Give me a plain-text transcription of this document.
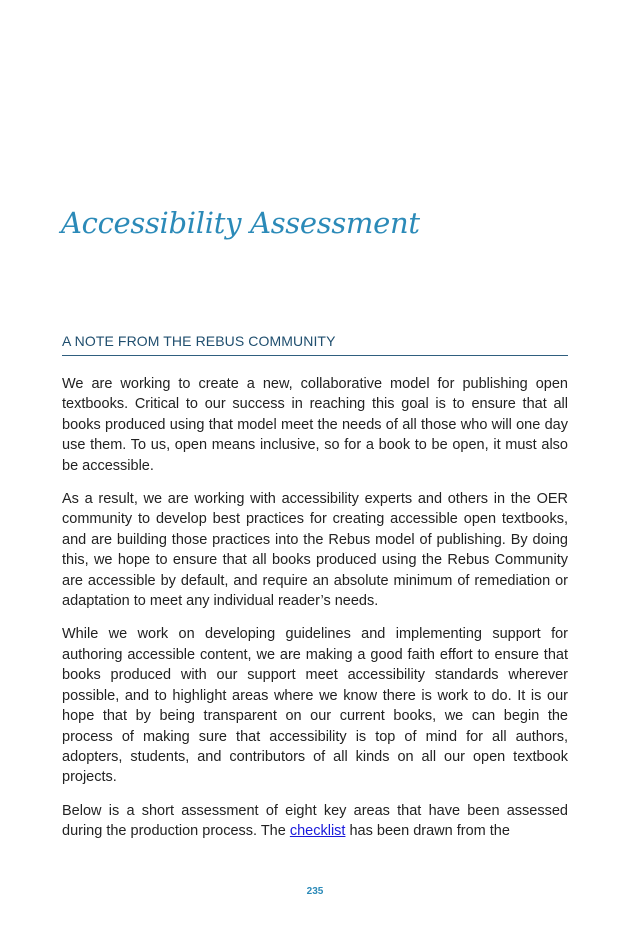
Accessibility Assessment
A NOTE FROM THE REBUS COMMUNITY

We are working to create a new, collaborative model for publishing open textbooks. Critical to our success in reaching this goal is to ensure that all books produced using that model meet the needs of all those who will one day use them. To us, open means inclusive, so for a book to be open, it must also be accessible.

As a result, we are working with accessibility experts and others in the OER community to develop best practices for creating accessible open textbooks, and are building those practices into the Rebus model of publishing. By doing this, we hope to ensure that all books produced using the Rebus Community are accessible by default, and require an absolute minimum of remediation or adaptation to meet any individual reader’s needs.

While we work on developing guidelines and implementing support for authoring accessible content, we are making a good faith effort to ensure that books produced with our support meet accessibility standards wherever possible, and to highlight areas where we know there is work to do. It is our hope that by being transparent on our current books, we can begin the process of making sure that accessibility is top of mind for all authors, adopters, students, and contributors of all kinds on all our open textbook projects.

Below is a short assessment of eight key areas that have been assessed during the production process. The checklist has been drawn from the

235
